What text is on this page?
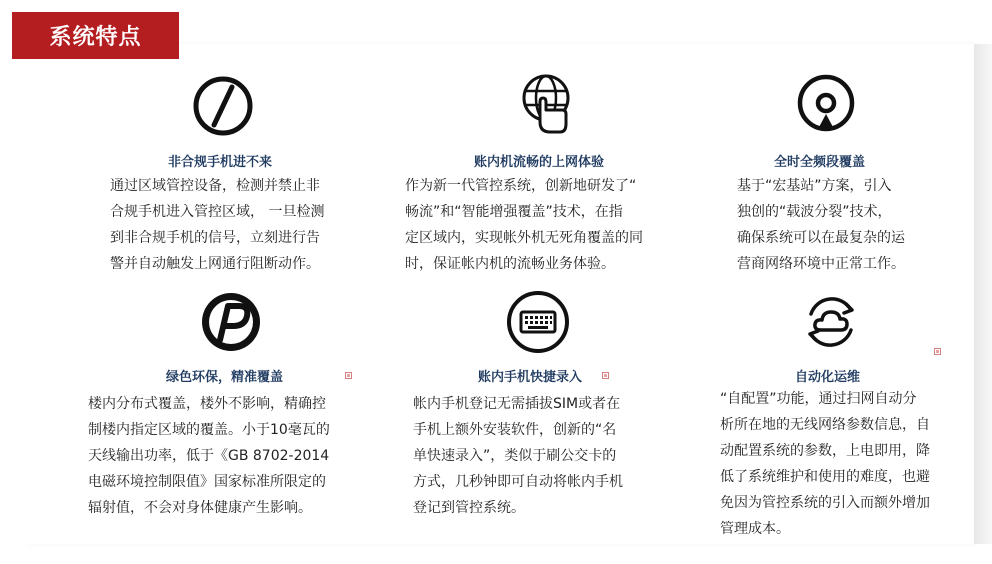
系统特点
非合规手机进不来
通过区域管控设备，检测并禁止非
合规手机进入管控区域， 一旦检测
到非合规手机的信号，立刻进行告
警并自动触发上网通行阻断动作。
账内机流畅的上网体验
作为新一代管控系统，创新地研发了“
畅流”和“智能增强覆盖”技术，在指
定区域内，实现帐外机无死角覆盖的同
时，保证帐内机的流畅业务体验。
全时全频段覆盖
基于“宏基站”方案，引入
独创的“载波分裂”技术，
确保系统可以在最复杂的运
营商网络环境中正常工作。
绿色环保，精准覆盖
楼内分布式覆盖，楼外不影响，精确控
制楼内指定区域的覆盖。小于10毫瓦的
天线输出功率，低于《GB 8702-2014
电磁环境控制限值》国家标准所限定的
辐射值，不会对身体健康产生影响。
账内手机快捷录入
帐内手机登记无需插拔SIM或者在
手机上额外安装软件，创新的“名
单快速录入”，类似于刷公交卡的
方式，几秒钟即可自动将帐内手机
登记到管控系统。
自动化运维
“自配置”功能，通过扫网自动分
析所在地的无线网络参数信息，自
动配置系统的参数，上电即用，降
低了系统维护和使用的难度，也避
免因为管控系统的引入而额外增加
管理成本。
